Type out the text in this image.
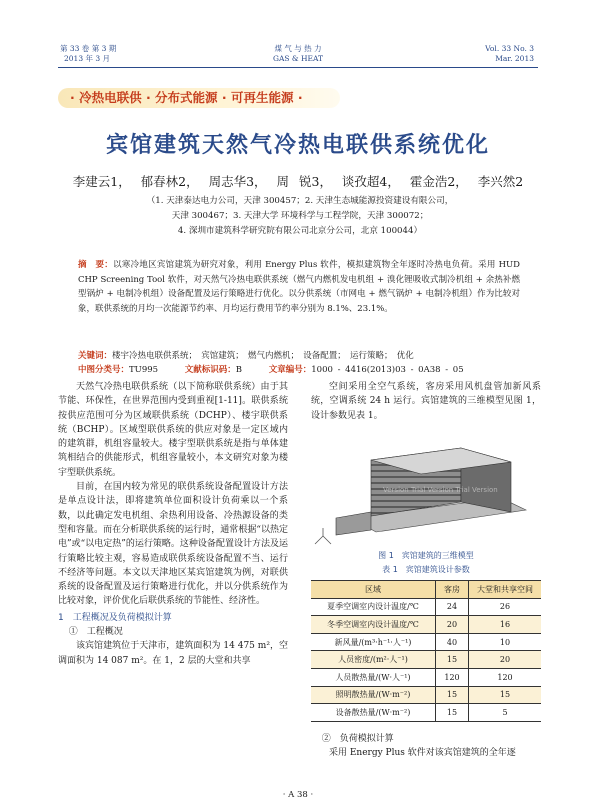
第 33 卷 第 3 期
2013 年 3 月
煤 气 与 热 力
GAS & HEAT
Vol. 33 No. 3
Mar. 2013
· 冷热电联供 · 分布式能源 · 可再生能源 ·
宾馆建筑天然气冷热电联供系统优化
李建云1， 郁春林2， 周志华3， 周 锐3， 谈孜超4， 霍金浩2， 李兴然2
（1. 天津泰达电力公司，天津 300457；2. 天津生态城能源投资建设有限公司，
天津 300467；3. 天津大学 环境科学与工程学院，天津 300072；
4. 深圳市建筑科学研究院有限公司北京分公司，北京 100044）
摘　要：以寒冷地区宾馆建筑为研究对象，利用 Energy Plus 软件，模拟建筑物全年逐时冷热电负荷。采用 HUD CHP Screening Tool 软件，对天然气冷热电联供系统（燃气内燃机发电机组 + 溴化锂吸收式制冷机组 + 余热补燃型锅炉 + 电制冷机组）设备配置及运行策略进行优化。以分供系统（市网电 + 燃气锅炉 + 电制冷机组）作为比较对象，联供系统的月均一次能源节约率、月均运行费用节约率分别为 8.1%、23.1%。
关键词：楼宇冷热电联供系统；　宾馆建筑；　燃气内燃机；　设备配置；　运行策略；　优化
中图分类号：TU995	文献标识码：B	文章编号：1000 - 4416(2013)03 - 0A38 - 05

天然气冷热电联供系统（以下简称联供系统）由于其节能、环保性，在世界范围内受到重视[1-11]。联供系统按供应范围可分为区域联供系统（DCHP）、楼宇联供系统（BCHP）。区域型联供系统的供应对象是一定区域内的建筑群，机组容量较大。楼宇型联供系统是指与单体建筑相结合的供能形式，机组容量较小，本文研究对象为楼宇型联供系统。

目前，在国内较为常见的联供系统设备配置设计方法是单点设计法，即将建筑单位面积设计负荷乘以一个系数，以此确定发电机组、余热利用设备、冷热源设备的类型和容量。而在分析联供系统的运行时，通常根据“以热定电”或“以电定热”的运行策略。这种设备配置设计方法及运行策略比较主观，容易造成联供系统设备配置不当、运行不经济等问题。本文以天津地区某宾馆建筑为例，对联供系统的设备配置及运行策略进行优化，并以分供系统作为比较对象，评价优化后联供系统的节能性、经济性。

1　工程概况及负荷模拟计算
①　工程概况

该宾馆建筑位于天津市，建筑面积为 14 475 m²，空调面积为 14 087 m²。在 1，2 层的大堂和共享

空间采用全空气系统，客房采用风机盘管加新风系统，空调系统 24 h 运行。宾馆建筑的三维模型见图 1，设计参数见表 1。

Version Trial Version Trial Version
图 1　宾馆建筑的三维模型
表 1　宾馆建筑设计参数
区域	客房	大堂和共享空间
夏季空调室内设计温度/℃	24	26
冬季空调室内设计温度/℃	20	16
新风量/(m³·h⁻¹·人⁻¹)	40	10
人员密度/(m²·人⁻¹)	15	20
人员散热量/(W·人⁻¹)	120	120
照明散热量/(W·m⁻²)	15	15
设备散热量/(W·m⁻²)	15	5
②　负荷模拟计算

采用 Energy Plus 软件对该宾馆建筑的全年逐

· A 38 ·
